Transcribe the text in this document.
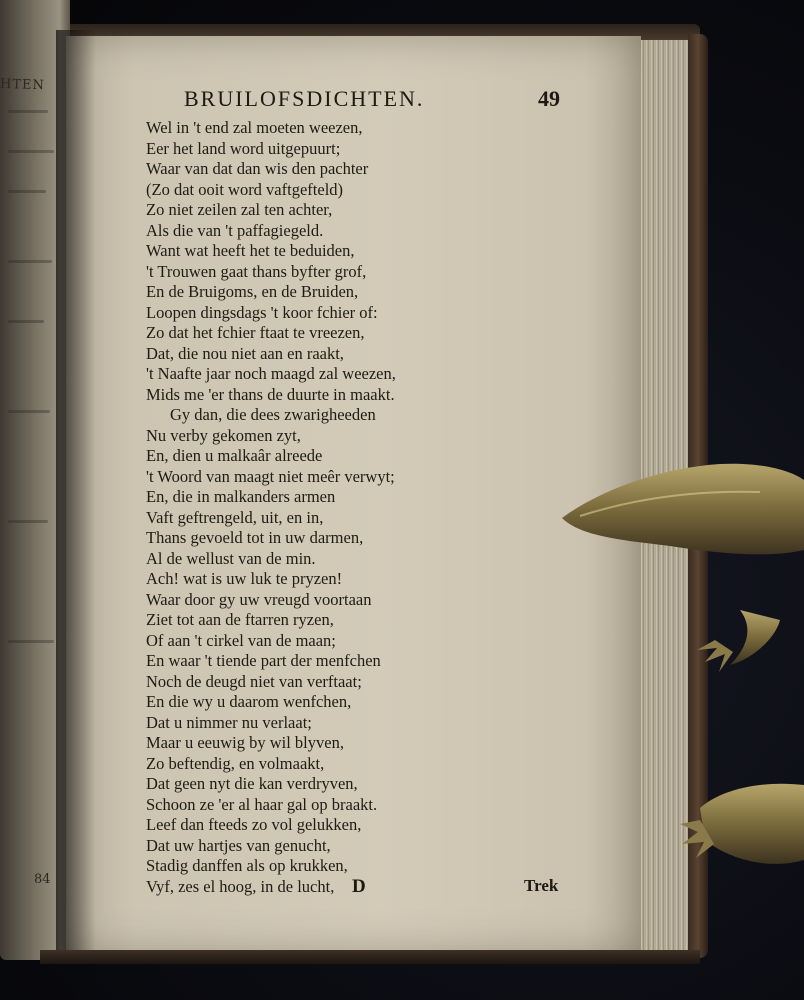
HTEN
84
BRUILOFSDICHTEN.	49
Wel in 't end zal moeten weezen,
Eer het land word uitgepuurt;
Waar van dat dan wis den pachter
(Zo dat ooit word vaftgefteld)
Zo niet zeilen zal ten achter,
Als die van 't paffagiegeld.
Want wat heeft het te beduiden,
't Trouwen gaat thans byfter grof,
En de Bruigoms, en de Bruiden,
Loopen dingsdags 't koor fchier of:
Zo dat het fchier ftaat te vreezen,
Dat, die nou niet aan en raakt,
't Naafte jaar noch maagd zal weezen,
Mids me 'er thans de duurte in maakt.
Gy dan, die dees zwarigheeden
Nu verby gekomen zyt,
En, dien u malkaâr alreede
't Woord van maagt niet meêr verwyt;
En, die in malkanders armen
Vaft geftrengeld, uit, en in,
Thans gevoeld tot in uw darmen,
Al de wellust van de min.
Ach! wat is uw luk te pryzen!
Waar door gy uw vreugd voortaan
Ziet tot aan de ftarren ryzen,
Of aan 't cirkel van de maan;
En waar 't tiende part der menfchen
Noch de deugd niet van verftaat;
En die wy u daarom wenfchen,
Dat u nimmer nu verlaat;
Maar u eeuwig by wil blyven,
Zo beftendig, en volmaakt,
Dat geen nyt die kan verdryven,
Schoon ze 'er al haar gal op braakt.
Leef dan fteeds zo vol gelukken,
Dat uw hartjes van genucht,
Stadig danffen als op krukken,
Vyf, zes el hoog, in de lucht, D	Trek
